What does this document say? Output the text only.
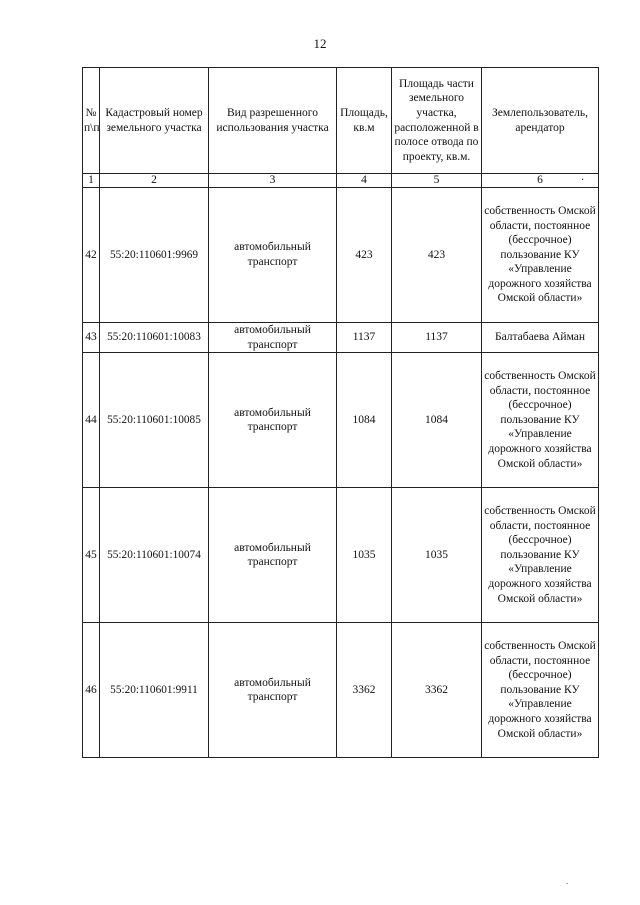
12
№ п\п	Кадастровый номер земельного участка	Вид разрешенного использования участка	Площадь, кв.м	Площадь части земельного участка, расположенной в полосе отвода по проекту, кв.м.	Землепользователь, арендатор
1	2	3	4	5	6 .

42	55:20:110601:9969	автомобильный транспорт	423	423	собственность Омской области, постоянное (бессрочное) пользование КУ «Управление дорожного хозяйства Омской области»
43	55:20:110601:10083	автомобильный транспорт	1137	1137	Балтабаева Айман
44	55:20:110601:10085	автомобильный транспорт	1084	1084	собственность Омской области, постоянное (бессрочное) пользование КУ «Управление дорожного хозяйства Омской области»
45	55:20:110601:10074	автомобильный транспорт	1035	1035	собственность Омской области, постоянное (бессрочное) пользование КУ «Управление дорожного хозяйства Омской области»
46	55:20:110601:9911	автомобильный транспорт	3362	3362	собственность Омской области, постоянное (бессрочное) пользование КУ «Управление дорожного хозяйства Омской области»
.
